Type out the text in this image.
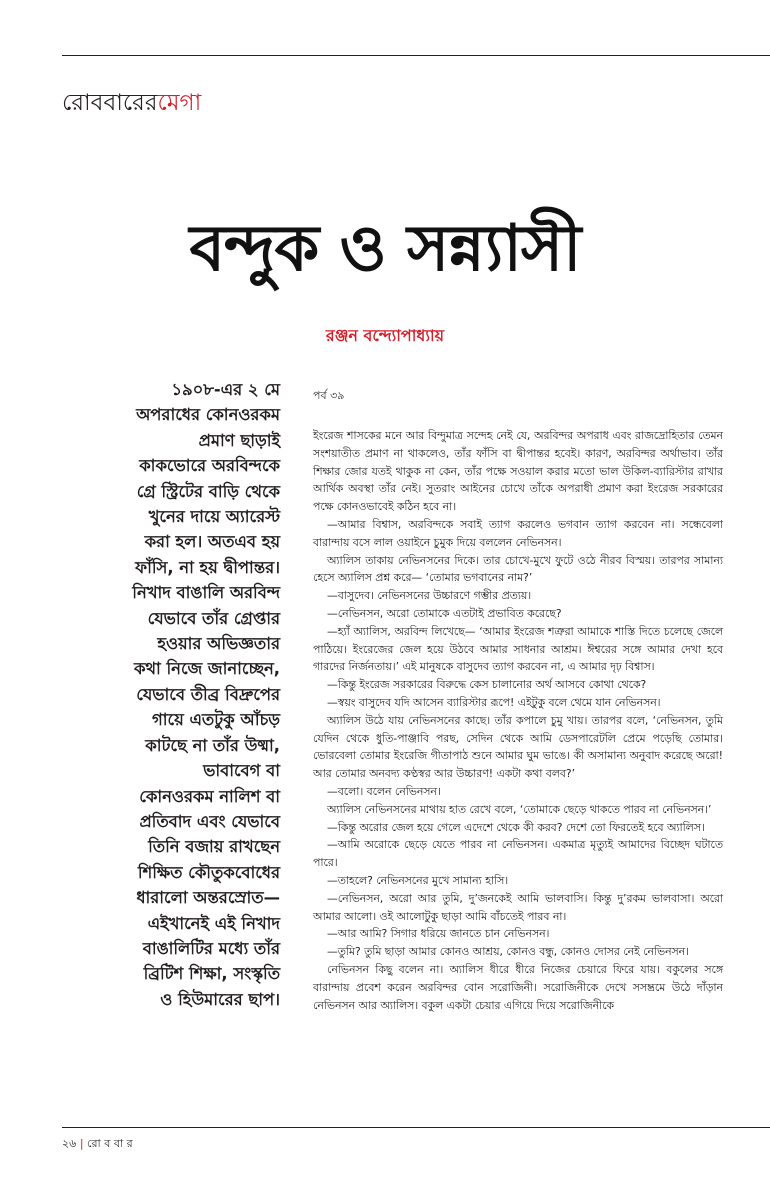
রোববারেরমেগা
বন্দুক ও সন্ন্যাসী
রঞ্জন বন্দ্যোপাধ্যায়

১৯০৮-এর ২ মে অপরাধের কোনওরকম প্রমাণ ছাড়াই কাকভোরে অরবিন্দকে গ্রে স্ট্রিটের বাড়ি থেকে খুনের দায়ে অ্যারেস্ট করা হল। অতএব হয় ফাঁসি, না হয় দ্বীপান্তর। নিখাদ বাঙালি অরবিন্দ যেভাবে তাঁর গ্রেপ্তার হওয়ার অভিজ্ঞতার কথা নিজে জানাচ্ছেন, যেভাবে তীব্র বিদ্রুপের গায়ে এতটুকু আঁচড় কাটছে না তাঁর উষ্মা, ভাবাবেগ বা কোনওরকম নালিশ বা প্রতিবাদ এবং যেভাবে তিনি বজায় রাখছেন শিক্ষিত কৌতুকবোধের ধারালো অন্তরস্রোত— এইখানেই এই নিখাদ বাঙালিটির মধ্যে তাঁর ব্রিটিশ শিক্ষা, সংস্কৃতি ও হিউমারের ছাপ।

পর্ব ৩৯

ইংরেজ শাসকের মনে আর বিন্দুমাত্র সন্দেহ নেই যে, অরবিন্দর অপরাধ এবং রাজদ্রোহিতার তেমন সংশয়াতীত প্রমাণ না থাকলেও, তাঁর ফাঁসি বা দ্বীপান্তর হবেই। কারণ, অরবিন্দর অর্থাভাব। তাঁর শিক্ষার জোর যতই থাকুক না কেন, তাঁর পক্ষে সওয়াল করার মতো ভাল উকিল-ব্যারিস্টার রাখার আর্থিক অবস্থা তাঁর নেই। সুতরাং আইনের চোখে তাঁকে অপরাধী প্রমাণ করা ইংরেজ সরকারের পক্ষে কোনওভাবেই কঠিন হবে না।

—আমার বিশ্বাস, অরবিন্দকে সবাই ত্যাগ করলেও ভগবান ত্যাগ করবেন না। সন্ধেবেলা বারান্দায় বসে লাল ওয়াইনে চুমুক দিয়ে বললেন নেভিনসন।

অ্যালিস তাকায় নেভিনসনের দিকে। তার চোখে-মুখে ফুটে ওঠে নীরব বিস্ময়। তারপর সামান্য হেসে অ্যালিস প্রশ্ন করে— ‘তোমার ভগবানের নাম?’

—বাসুদেব। নেভিনসনের উচ্চারণে গম্ভীর প্রত্যয়।

—নেভিনসন, অরো তোমাকে এতটাই প্রভাবিত করেছে?

—হ্যাঁ অ্যালিস, অরবিন্দ লিখেছে— ‘আমার ইংরেজ শত্রুরা আমাকে শাস্তি দিতে চলেছে জেলে পাঠিয়ে। ইংরেজের জেল হয়ে উঠবে আমার সাধনার আশ্রম। ঈশ্বরের সঙ্গে আমার দেখা হবে গারদের নির্জনতায়।’ এই মানুষকে বাসুদেব ত্যাগ করবেন না, এ আমার দৃঢ় বিশ্বাস।

—কিন্তু ইংরেজ সরকারের বিরুদ্ধে কেস চালানোর অর্থ আসবে কোথা থেকে?

—স্বয়ং বাসুদেব যদি আসেন ব্যারিস্টার রূপে! এইটুকু বলে থেমে যান নেভিনসন।

অ্যালিস উঠে যায় নেভিনসনের কাছে। তাঁর কপালে চুমু খায়। তারপর বলে, ‘নেভিনসন, তুমি যেদিন থেকে ধুতি-পাঞ্জাবি পরছ, সেদিন থেকে আমি ডেসপারেটলি প্রেমে পড়েছি তোমার। ভোরবেলা তোমার ইংরেজি গীতাপাঠ শুনে আমার ঘুম ভাঙে। কী অসামান্য অনুবাদ করেছে অরো! আর তোমার অনবদ্য কণ্ঠস্বর আর উচ্চারণ! একটা কথা বলব?’

—বলো। বলেন নেভিনসন।

অ্যালিস নেভিনসনের মাথায় হাত রেখে বলে, ‘তোমাকে ছেড়ে থাকতে পারব না নেভিনসন।’

—কিন্তু অরোর জেল হয়ে গেলে এদেশে থেকে কী করব? দেশে তো ফিরতেই হবে অ্যালিস।

—আমি অরোকে ছেড়ে যেতে পারব না নেভিনসন। একমাত্র মৃত্যুই আমাদের বিচ্ছেদ ঘটাতে পারে।

—তাহলে? নেভিনসনের মুখে সামান্য হাসি।

—নেভিনসন, অরো আর তুমি, দু’জনকেই আমি ভালবাসি। কিন্তু দু’রকম ভালবাসা। অরো আমার আলো। ওই আলোটুকু ছাড়া আমি বাঁচতেই পারব না।

—আর আমি? সিগার ধরিয়ে জানতে চান নেভিনসন।

—তুমি? তুমি ছাড়া আমার কোনও আশ্রয়, কোনও বন্ধু, কোনও দোসর নেই নেভিনসন।

নেভিনসন কিছু বলেন না। অ্যালিস ধীরে ধীরে নিজের চেয়ারে ফিরে যায়। বকুলের সঙ্গে বারান্দায় প্রবেশ করেন অরবিন্দর বোন সরোজিনী। সরোজিনীকে দেখে সসম্ভ্রমে উঠে দাঁড়ান নেভিনসন আর অ্যালিস। বকুল একটা চেয়ার এগিয়ে দিয়ে সরোজিনীকে

২৬ | রো ব বা র
